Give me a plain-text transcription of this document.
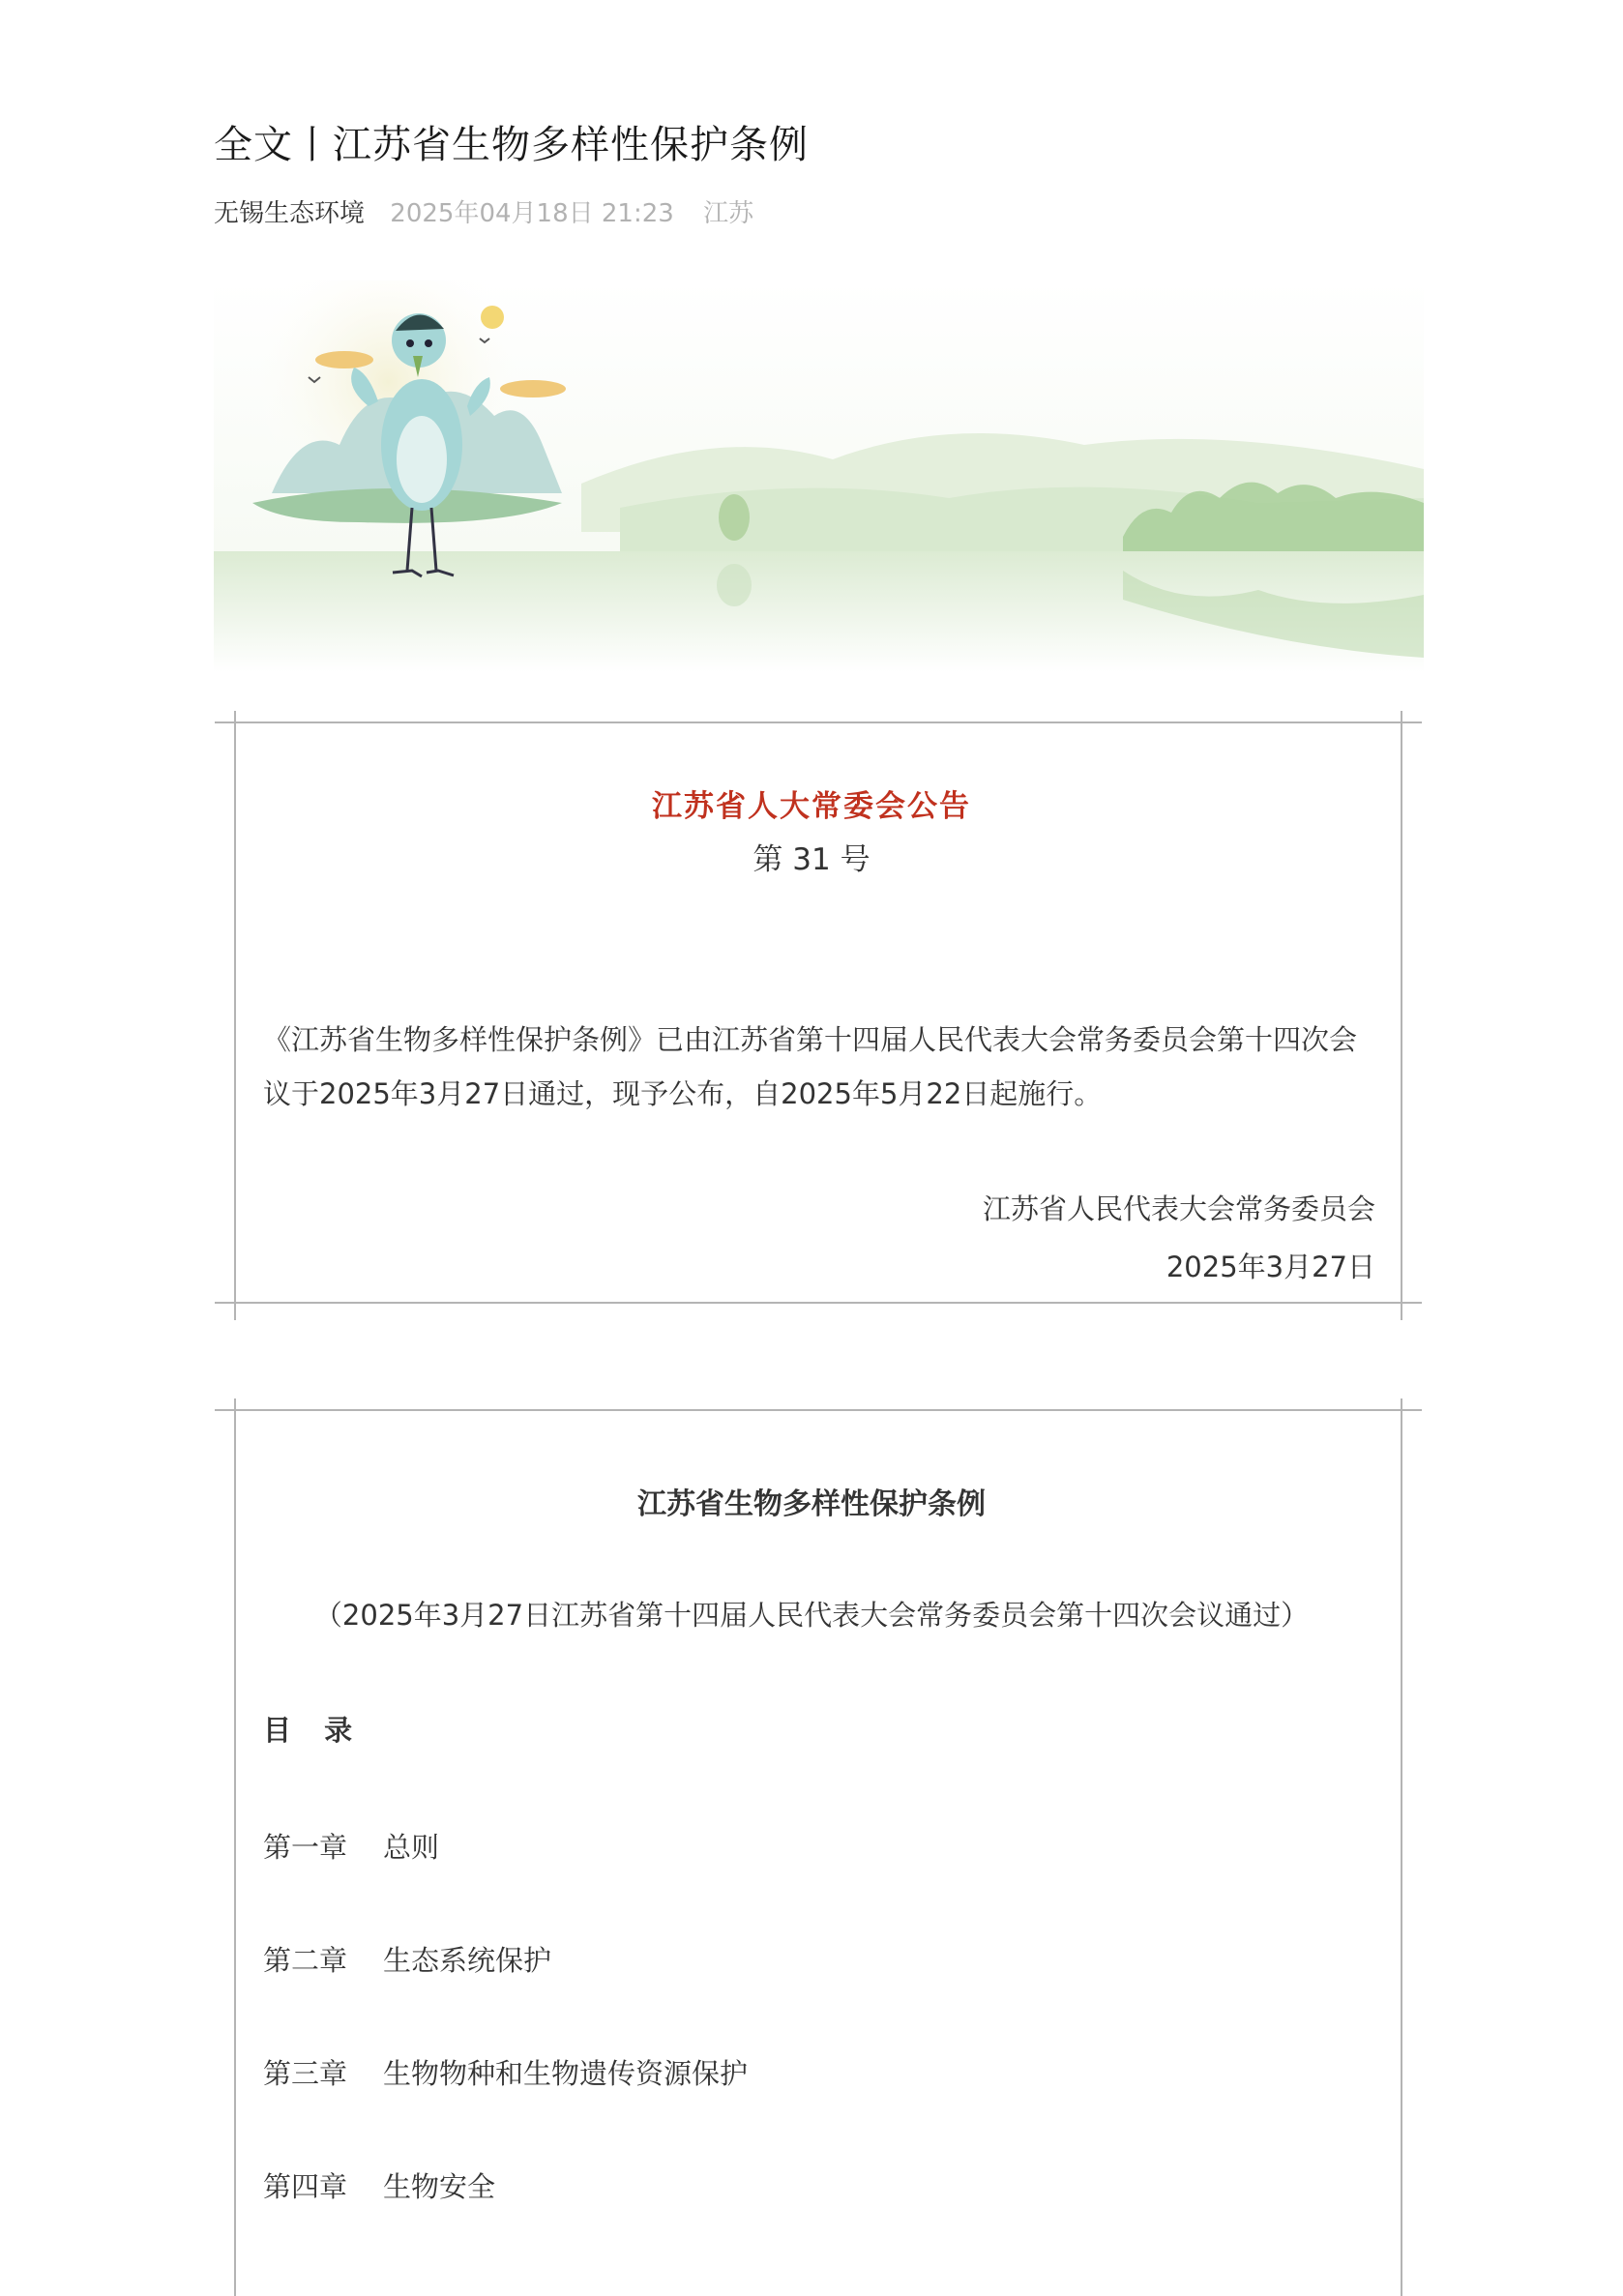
全文丨江苏省生物多样性保护条例
无锡生态环境 2025年04月18日 21:23 江苏
江苏省人大常委会公告
第 31 号

《江苏省生物多样性保护条例》已由江苏省第十四届人民代表大会常务委员会第十四次会议于2025年3月27日通过，现予公布，自2025年5月22日起施行。

江苏省人民代表大会常务委员会
2025年3月27日
江苏省生物多样性保护条例
（2025年3月27日江苏省第十四届人民代表大会常务委员会第十四次会议通过）
目 录
第一章 总则
第二章 生态系统保护
第三章 生物物种和生物遗传资源保护
第四章 生物安全
